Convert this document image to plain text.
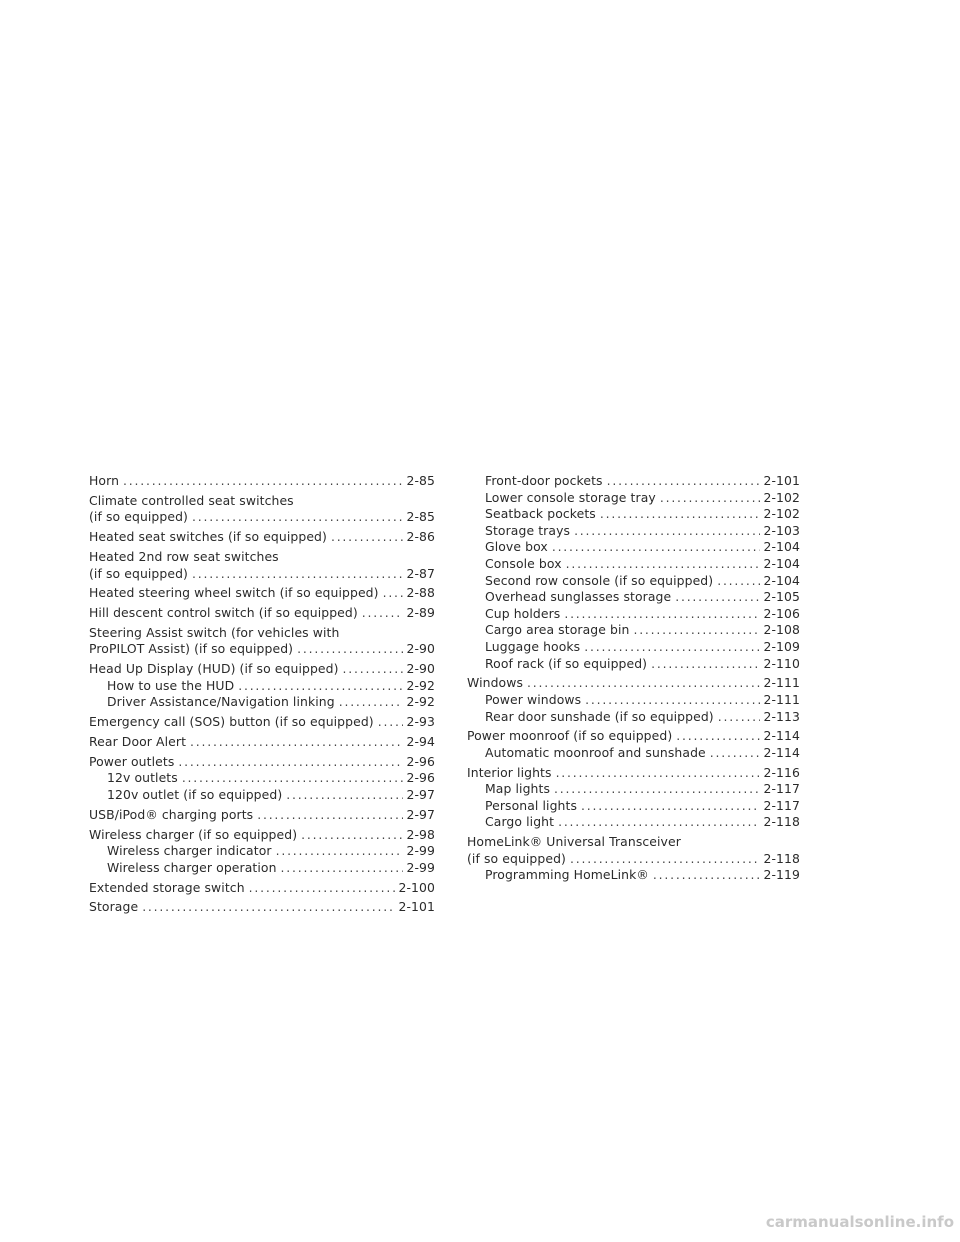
Horn .....	2-85
Climate controlled seat switches
(if so equipped) .....	2-85
Heated seat switches (if so equipped) .....	2-86
Heated 2nd row seat switches
(if so equipped) .....	2-87
Heated steering wheel switch (if so equipped) ..... 2-88
Hill descent control switch (if so equipped) .....	2-89
Steering Assist switch (for vehicles with
ProPILOT Assist) (if so equipped) .....	2-90
Head Up Display (HUD) (if so equipped) .....	2-90
How to use the HUD .....	2-92
Driver Assistance/Navigation linking .....	2-92
Emergency call (SOS) button (if so equipped) .....	2-93
Rear Door Alert .....	2-94
Power outlets .....	2-96
12v outlets .....	2-96
120v outlet (if so equipped) .....	2-97
USB/iPod® charging ports .....	2-97
Wireless charger (if so equipped) .....	2-98
Wireless charger indicator .....	2-99
Wireless charger operation .....	2-99
Extended storage switch .....	2-100
Storage .....	2-101
Front-door pockets .....	2-101
Lower console storage tray .....	2-102
Seatback pockets .....	2-102
Storage trays .....	2-103
Glove box .....	2-104
Console box .....	2-104
Second row console (if so equipped) .....	2-104
Overhead sunglasses storage .....	2-105
Cup holders .....	2-106
Cargo area storage bin .....	2-108
Luggage hooks .....	2-109
Roof rack (if so equipped) .....	2-110
Windows .....	2-111
Power windows .....	2-111
Rear door sunshade (if so equipped) .....	2-113
Power moonroof (if so equipped) .....	2-114
Automatic moonroof and sunshade .....	2-114
Interior lights .....	2-116
Map lights .....	2-117
Personal lights .....	2-117
Cargo light .....	2-118
HomeLink® Universal Transceiver
(if so equipped) .....	2-118
Programming HomeLink® .....	2-119
carmanualsonline.info
